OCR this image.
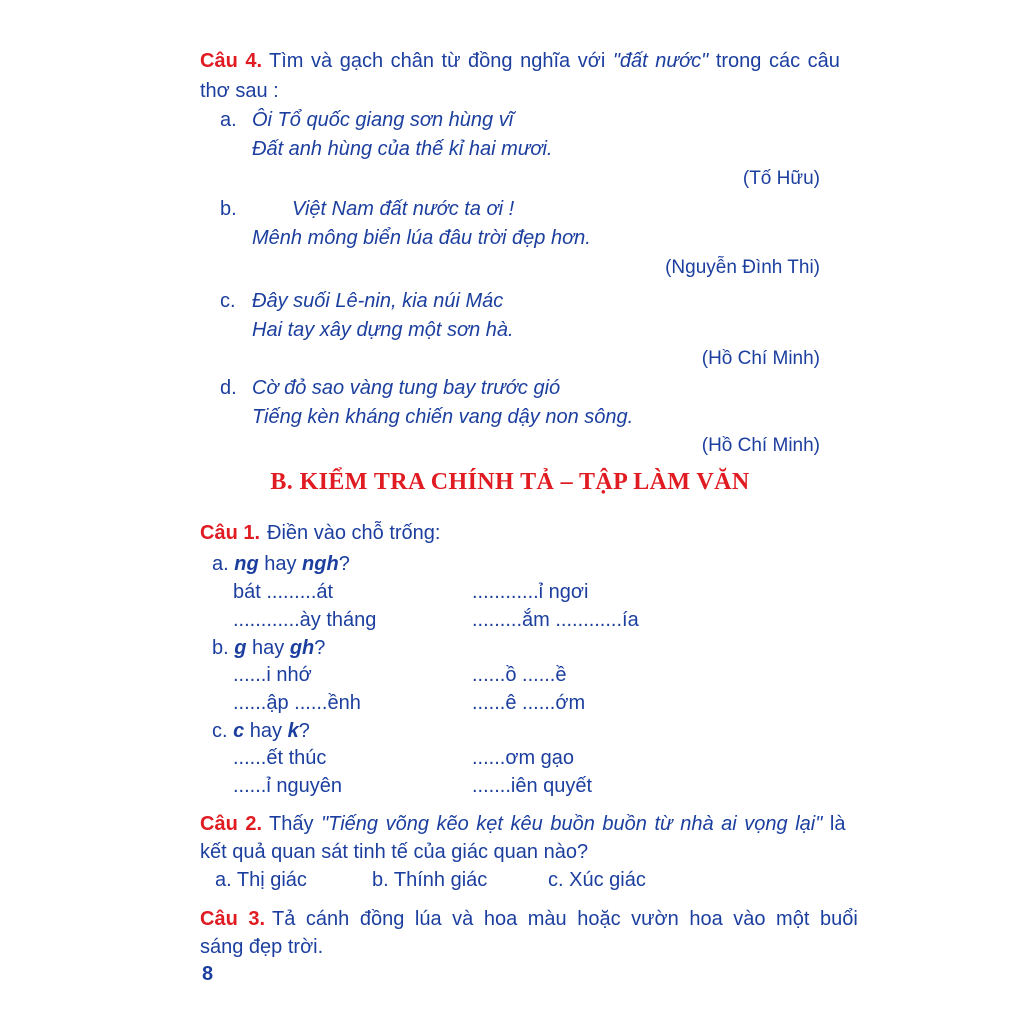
Câu 4. Tìm và gạch chân từ đồng nghĩa với "đất nước" trong các câu
thơ sau :
a. Ôi Tổ quốc giang sơn hùng vĩ
Đất anh hùng của thế kỉ hai mươi.
(Tố Hữu)
b.	Việt Nam đất nước ta ơi !
Mênh mông biển lúa đâu trời đẹp hơn.
(Nguyễn Đình Thi)
c. Đây suối Lê-nin, kia núi Mác
Hai tay xây dựng một sơn hà.
(Hồ Chí Minh)
d. Cờ đỏ sao vàng tung bay trước gió
Tiếng kèn kháng chiến vang dậy non sông.
(Hồ Chí Minh)
B. KIỂM TRA CHÍNH TẢ – TẬP LÀM VĂN
Câu 1. Điền vào chỗ trống:
a. ng hay ngh?
bát .........át	............ỉ ngơi
............ày tháng	.........ắm ............ía
b. g hay gh?
......i nhớ	......ồ ......ề
......ập ......ềnh	......ê ......ớm
c. c hay k?
......ết thúc	......ơm gạo
......ỉ nguyên	.......iên quyết
Câu 2. Thấy "Tiếng võng kẽo kẹt kêu buồn buồn từ nhà ai vọng lại" là
kết quả quan sát tinh tế của giác quan nào?
a. Thị giác	b. Thính giác	c. Xúc giác
Câu 3. Tả cánh đồng lúa và hoa màu hoặc vườn hoa vào một buổi
sáng đẹp trời.
8
